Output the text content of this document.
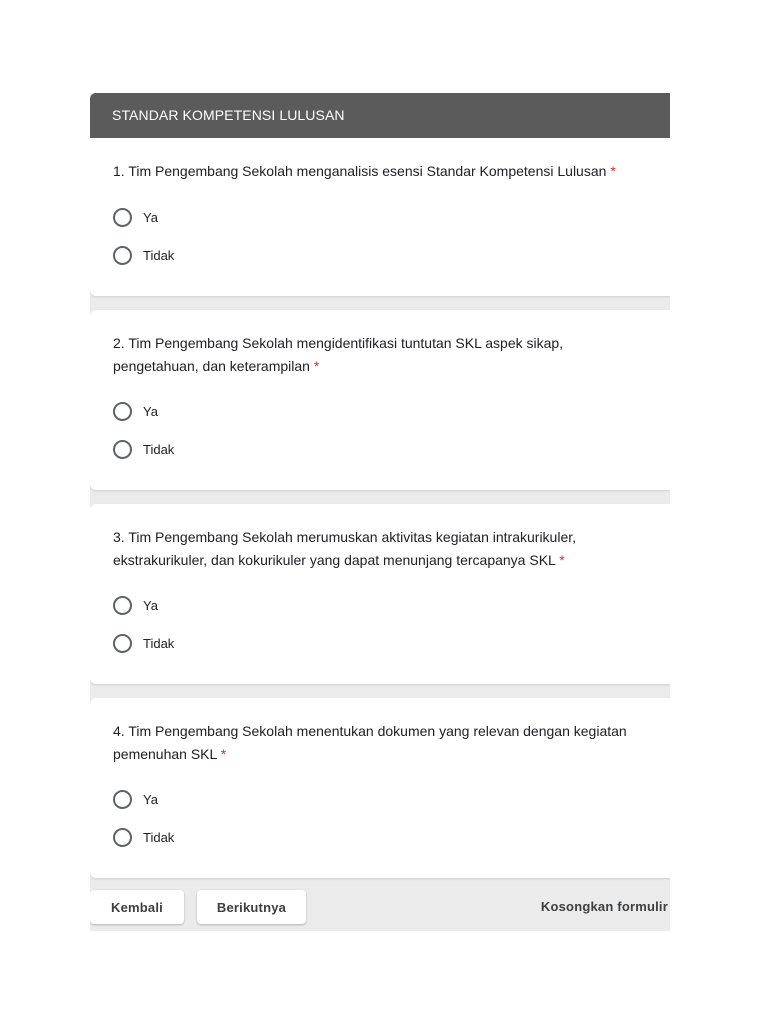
STANDAR KOMPETENSI LULUSAN
1. Tim Pengembang Sekolah menganalisis esensi Standar Kompetensi Lulusan *
Ya
Tidak
2. Tim Pengembang Sekolah mengidentifikasi tuntutan SKL aspek sikap, pengetahuan, dan keterampilan *
Ya
Tidak
3. Tim Pengembang Sekolah merumuskan aktivitas kegiatan intrakurikuler, ekstrakurikuler, dan kokurikuler yang dapat menunjang tercapanya SKL *
Ya
Tidak
4. Tim Pengembang Sekolah menentukan dokumen yang relevan dengan kegiatan pemenuhan SKL *
Ya
Tidak
Kembali	Berikutnya	Kosongkan formulir
